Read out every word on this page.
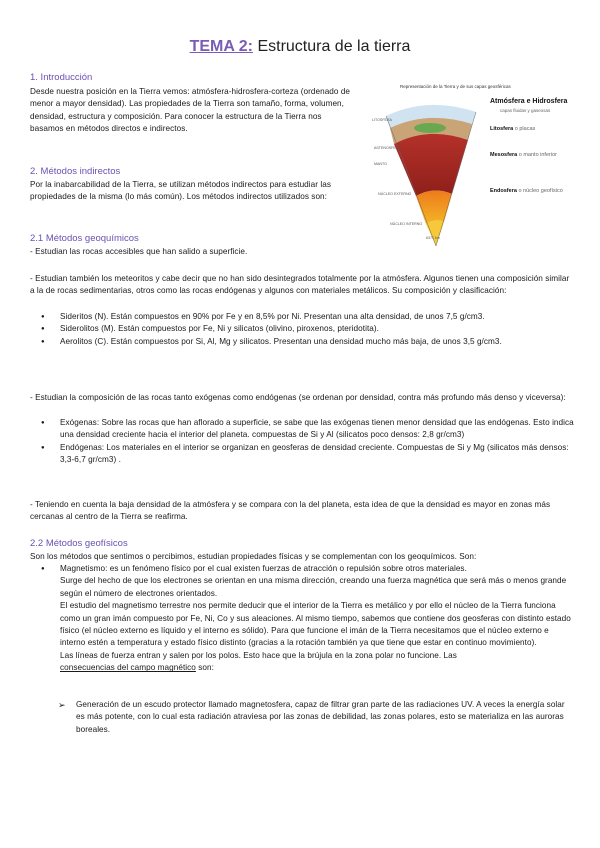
TEMA 2: Estructura de la tierra
1. Introducción
Desde nuestra posición en la Tierra vemos: atmósfera-hidrosfera-corteza (ordenado de menor a mayor densidad). Las propiedades de la Tierra son tamaño, forma, volumen, densidad, estructura y composición. Para conocer la estructura de la Tierra nos basamos en métodos directos e indirectos.
2. Métodos indirectos
Por la inabarcabilidad de la Tierra, se utilizan métodos indirectos para estudiar las propiedades de la misma (lo más común). Los métodos indirectos utilizados son:
2.1 Métodos geoquímicos
- Estudian las rocas accesibles que han salido a superficie.
- Estudian también los meteoritos y cabe decir que no han sido desintegrados totalmente por la atmósfera. Algunos tienen una composición similar a la de rocas sedimentarias, otros como las rocas endógenas y algunos con materiales metálicos. Su composición y clasificación:
● Sideritos (N). Están compuestos en 90% por Fe y en 8,5% por Ni. Presentan una alta densidad, de unos 7,5 g/cm3.
● Siderolitos (M). Están compuestos por Fe, Ni y silicatos (olivino, piroxenos, pteridotita).
● Aerolitos (C). Están compuestos por Si, Al, Mg y silicatos. Presentan una densidad mucho más baja, de unos 3,5 g/cm3.
- Estudian la composición de las rocas tanto exógenas como endógenas (se ordenan por densidad, contra más profundo más denso y viceversa):
● Exógenas: Sobre las rocas que han aflorado a superficie, se sabe que las exógenas tienen menor densidad que las endógenas. Esto indica una densidad creciente hacia el interior del planeta. compuestas de Si y Al (silicatos poco densos: 2,8 gr/cm3)
● Endógenas: Los materiales en el interior se organizan en geosferas de densidad creciente. Compuestas de Si y Mg (silicatos más densos: 3,3-6,7 gr/cm3) .
- Teniendo en cuenta la baja densidad de la atmósfera y se compara con la del planeta, esta idea de que la densidad es mayor en zonas más cercanas al centro de la Tierra se reafirma.
2.2 Métodos geofísicos
Son los métodos que sentimos o percibimos, estudian propiedades físicas y se complementan con los geoquímicos. Son:
● Magnetismo: es un fenómeno físico por el cual existen fuerzas de atracción o repulsión sobre otros materiales.
Surge del hecho de que los electrones se orientan en una misma dirección, creando una fuerza magnética que será más o menos grande según el número de electrones orientados.
El estudio del magnetismo terrestre nos permite deducir que el interior de la Tierra es metálico y por ello el núcleo de la Tierra funciona como un gran imán compuesto por Fe, Ni, Co y sus aleaciones. Al mismo tiempo, sabemos que contiene dos geosferas con distinto estado físico (el núcleo externo es líquido y el interno es sólido). Para que funcione el imán de la Tierra necesitamos que el núcleo externo e interno estén a temperatura y estado físico distinto (gracias a la rotación también ya que tiene que estar en continuo movimiento).
Las líneas de fuerza entran y salen por los polos. Esto hace que la brújula en la zona polar no funcione. Las
consecuencias del campo magnético son:
➢ Generación de un escudo protector llamado magnetosfera, capaz de filtrar gran parte de las radiaciones UV. A veces la energía solar es más potente, con lo cual esta radiación atraviesa por las zonas de debilidad, las zonas polares, esto se materializa en las auroras boreales.
Representación de la Tierra y de sus capas geosféricas
LITOSFERA
MANTO
NÚCLEO EXTERNO
NÚCLEO INTERNO
ASTENOSFERA
6371 km
Atmósfera e Hidrosfera
capas fluidas y gaseosas
Litosfera o placas
Mesosfera o manto inferior
Endosfera o núcleo geofísico
